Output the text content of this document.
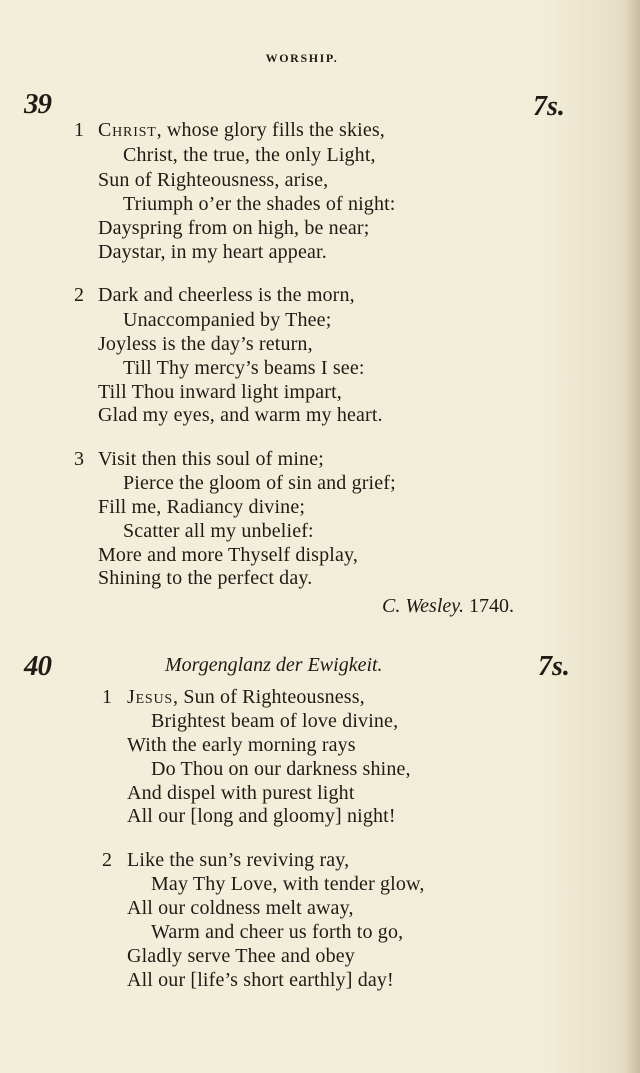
WORSHIP.
39	7s.
1 Christ, whose glory fills the skies,
Christ, the true, the only Light,
Sun of Righteousness, arise,
Triumph o’er the shades of night:
Dayspring from on high, be near;
Daystar, in my heart appear.
2 Dark and cheerless is the morn,
Unaccompanied by Thee;
Joyless is the day’s return,
Till Thy mercy’s beams I see:
Till Thou inward light impart,
Glad my eyes, and warm my heart.
3 Visit then this soul of mine;
Pierce the gloom of sin and grief;
Fill me, Radiancy divine;
Scatter all my unbelief:
More and more Thyself display,
Shining to the perfect day.
C. Wesley. 1740.
40	Morgenglanz der Ewigkeit.	7s.
1 Jesus, Sun of Righteousness,
Brightest beam of love divine,
With the early morning rays
Do Thou on our darkness shine,
And dispel with purest light
All our [long and gloomy] night!
2 Like the sun’s reviving ray,
May Thy Love, with tender glow,
All our coldness melt away,
Warm and cheer us forth to go,
Gladly serve Thee and obey
All our [life’s short earthly] day!
